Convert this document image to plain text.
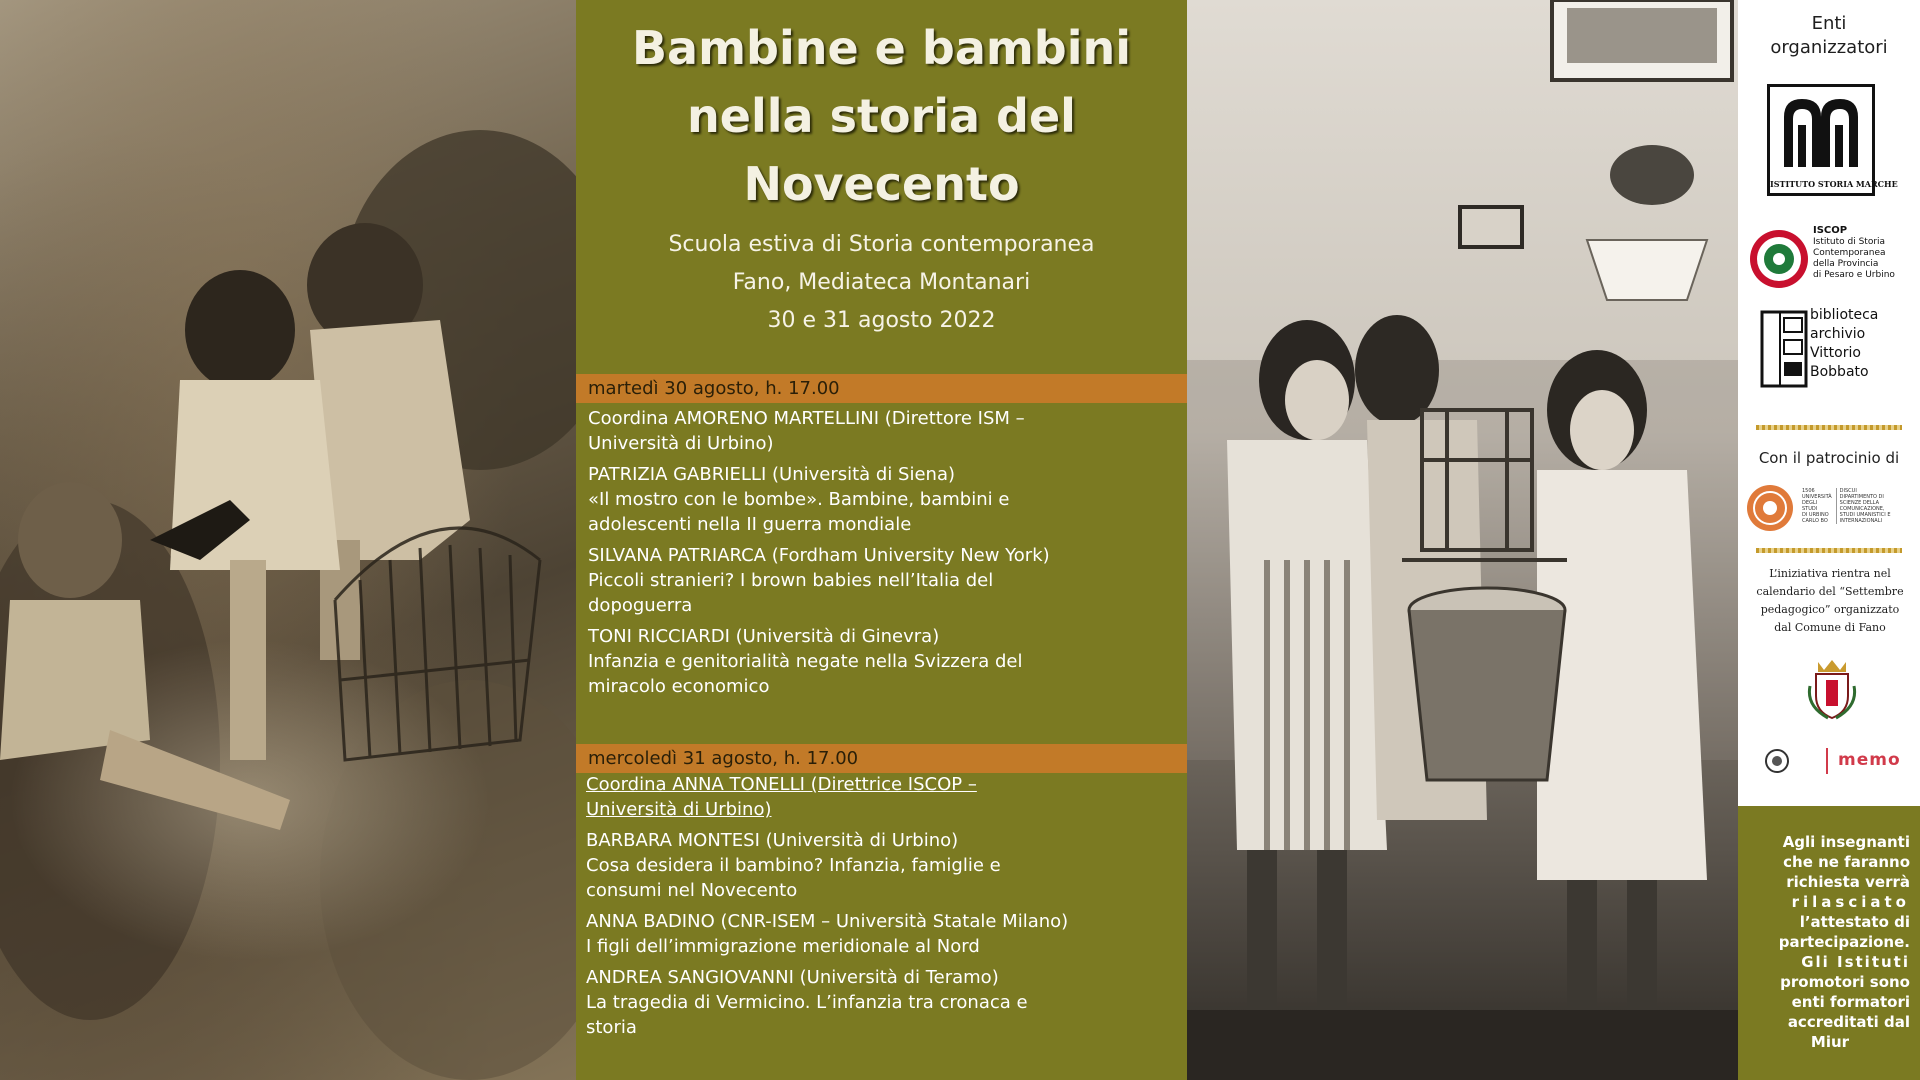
Bambine e bambini
nella storia del
Novecento
Scuola estiva di Storia contemporanea
Fano, Mediateca Montanari
30 e 31 agosto 2022
martedì 30 agosto, h. 17.00
Coordina AMORENO MARTELLINI (Direttore ISM –
Università di Urbino)
PATRIZIA GABRIELLI (Università di Siena)
«Il mostro con le bombe». Bambine, bambini e
adolescenti nella II guerra mondiale
SILVANA PATRIARCA (Fordham University New York)
Piccoli stranieri? I brown babies nell’Italia del
dopoguerra
TONI RICCIARDI (Università di Ginevra)
Infanzia e genitorialità negate nella Svizzera del
miracolo economico
mercoledì 31 agosto, h. 17.00
Coordina ANNA TONELLI (Direttrice ISCOP –
Università di Urbino)
BARBARA MONTESI (Università di Urbino)
Cosa desidera il bambino? Infanzia, famiglie e
consumi nel Novecento
ANNA BADINO (CNR-ISEM – Università Statale Milano)
I figli dell’immigrazione meridionale al Nord
ANDREA SANGIOVANNI (Università di Teramo)
La tragedia di Vermicino. L’infanzia tra cronaca e
storia
Enti
organizzatori
ISTITUTO STORIA MARCHE
ISCOP
Istituto di Storia
Contemporanea
della Provincia
di Pesaro e Urbino
biblioteca
archivio
Vittorio
Bobbato
Con il patrocinio di
1506
UNIVERSITÀ
DEGLI STUDI
DI URBINO
CARLO BO
DISCUI
DIPARTIMENTO DI
SCIENZE DELLA COMUNICAZIONE,
STUDI UMANISTICI E
INTERNAZIONALI
L’iniziativa rientra nel
calendario del “Settembre
pedagogico” organizzato
dal Comune di Fano
memo
Agli insegnanti
che ne faranno
richiesta verrà
rilasciato
l’attestato di
partecipazione.
Gli Istituti
promotori sono
enti formatori
accreditati dal
Miur
